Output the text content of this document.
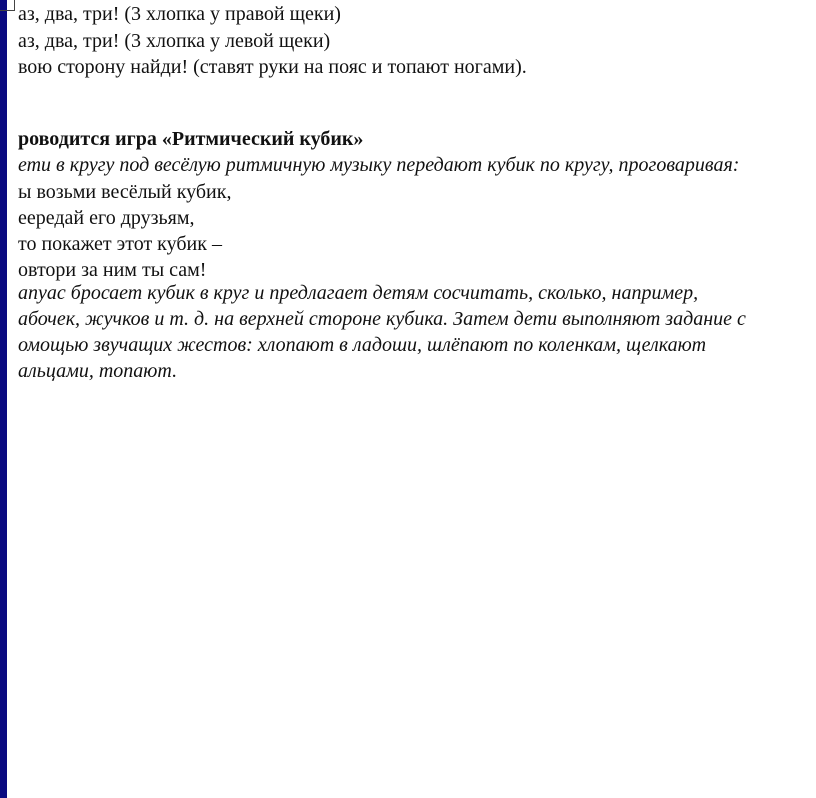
аз, два, три! (3 хлопка у правой щеки)
аз, два, три! (3 хлопка у левой щеки)
вою сторону найди! (ставят руки на пояс и топают ногами).
роводится игра «Ритмический кубик»
ети в кругу под весёлую ритмичную музыку передают кубик по кругу, проговаривая:
ы возьми весёлый кубик,
еередай его друзьям,
то покажет этот кубик –
овтори за ним ты сам!
апуас бросает кубик в круг и предлагает детям сосчитать, сколько, например,
абочек, жучков и т. д. на верхней стороне кубика. Затем дети выполняют задание с
омощью звучащих жестов: хлопают в ладоши, шлёпают по коленкам, щелкают
альцами, топают.
